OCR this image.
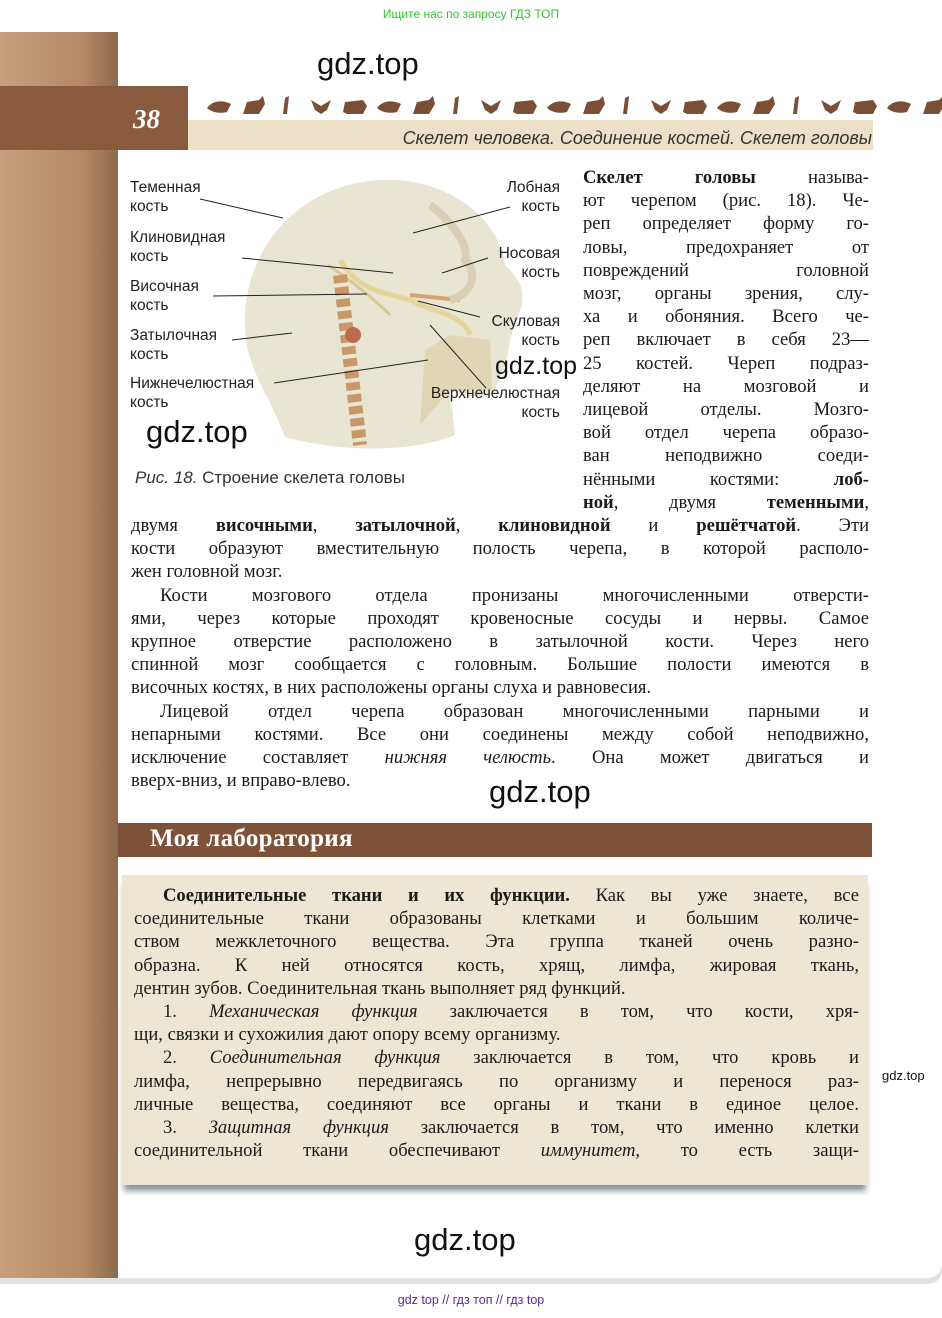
Ищите нас по запросу ГДЗ ТОП
38
Скелет человека. Соединение костей. Скелет головы
gdz.top
Теменная
кость
Клиновидная
кость
Височная
кость
Затылочная
кость
Нижнечелюстная
кость
Лобная
кость
Носовая
кость
Скуловая
кость
Верхнечелюстная
кость
gdz.top
gdz.top
Рис. 18. Строение скелета головы
Скелет головы называ-
ют черепом (рис. 18). Че-
реп определяет форму го-
ловы, предохраняет от
повреждений головной
мозг, органы зрения, слу-
ха и обоняния. Всего че-
реп включает в себя 23—
25 костей. Череп подраз-
деляют на мозговой и
лицевой отделы. Мозго-
вой отдел черепа образо-
ван неподвижно соеди-
нёнными костями: лоб-
ной, двумя теменными,
двумя височными, затылочной, клиновидной и решётчатой. Эти
кости образуют вместительную полость черепа, в которой располо-
жен головной мозг.
Кости мозгового отдела пронизаны многочисленными отверсти-
ями, через которые проходят кровеносные сосуды и нервы. Самое
крупное отверстие расположено в затылочной кости. Через него
спинной мозг сообщается с головным. Большие полости имеются в
височных костях, в них расположены органы слуха и равновесия.
Лицевой отдел черепа образован многочисленными парными и
непарными костями. Все они соединены между собой неподвижно,
исключение составляет нижняя челюсть. Она может двигаться и
вверх-вниз, и вправо-влево.	gdz.top
Моя лаборатория
Соединительные ткани и их функции. Как вы уже знаете, все
соединительные ткани образованы клетками и большим количе-
ством межклеточного вещества. Эта группа тканей очень разно-
образна. К ней относятся кость, хрящ, лимфа, жировая ткань,
дентин зубов. Соединительная ткань выполняет ряд функций.
1. Механическая функция заключается в том, что кости, хря-
щи, связки и сухожилия дают опору всему организму.
2. Соединительная функция заключается в том, что кровь и
лимфа, непрерывно передвигаясь по организму и перенося раз-
личные вещества, соединяют все органы и ткани в единое целое.
3. Защитная функция заключается в том, что именно клетки
соединительной ткани обеспечивают иммунитет, то есть защи-
gdz.top
gdz.top
gdz top // гдз топ // гдз top
